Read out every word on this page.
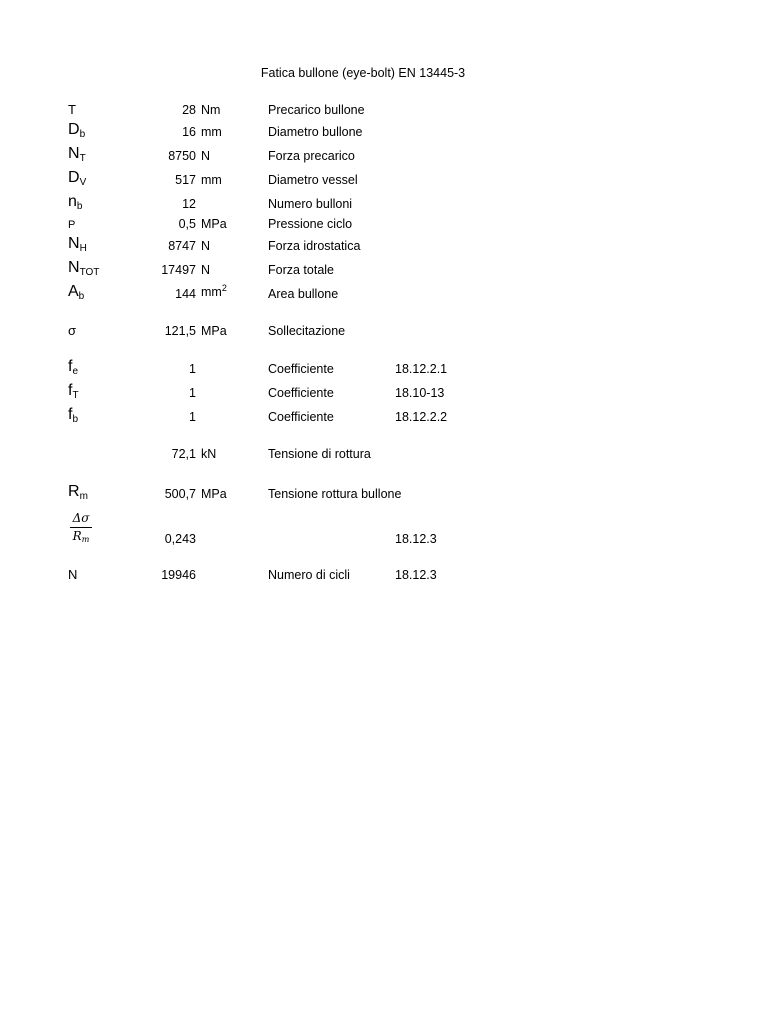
Fatica bullone (eye-bolt) EN 13445-3
T	28 Nm	Precarico bullone
$D_b$	16 mm	Diametro bullone
$N_T$	8750 N	Forza precarico
$D_V$	517 mm	Diametro vessel
$n_b$	12	Numero bulloni
P	0,5 MPa	Pressione ciclo
$N_H$	8747 N	Forza idrostatica
$N_{TOT}$	17497 N	Forza totale
$A_b$	144 $mm^2$	Area bullone
σ	121,5 MPa	Sollecitazione
$f_e$	1	Coefficiente	18.12.2.1
$f_T$	1	Coefficiente	18.10-13
$f_b$	1	Coefficiente	18.12.2.2
72,1 kN	Tensione di rottura
$R_m$	500,7 MPa	Tensione rottura bullone
$\frac{\Delta\sigma}{R_m}$	0,243	18.12.3
N	19946	Numero di cicli	18.12.3
